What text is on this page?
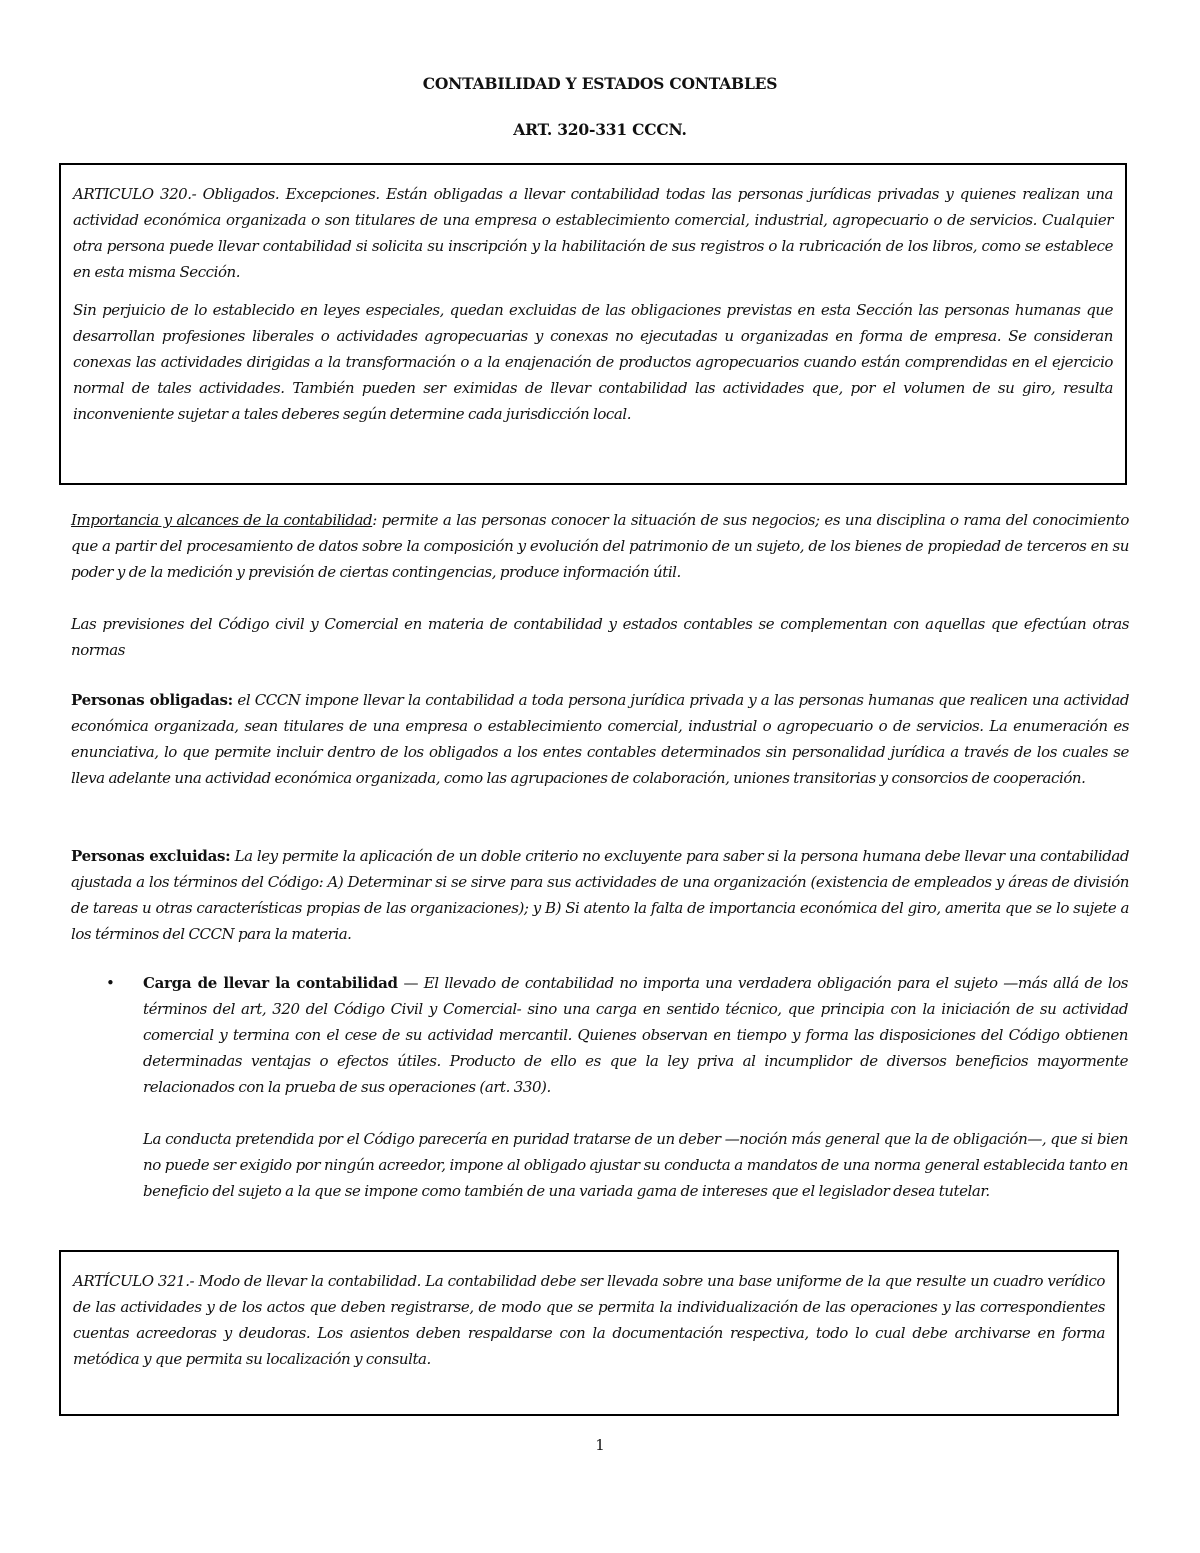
CONTABILIDAD Y ESTADOS CONTABLES
ART. 320-331 CCCN.

ARTICULO 320.- Obligados. Excepciones. Están obligadas a llevar contabilidad todas las personas jurídicas privadas y quienes realizan una actividad económica organizada o son titulares de una empresa o establecimiento comercial, industrial, agropecuario o de servicios. Cualquier otra persona puede llevar contabilidad si solicita su inscripción y la habilitación de sus registros o la rubricación de los libros, como se establece en esta misma Sección.

Sin perjuicio de lo establecido en leyes especiales, quedan excluidas de las obligaciones previstas en esta Sección las personas humanas que desarrollan profesiones liberales o actividades agropecuarias y conexas no ejecutadas u organizadas en forma de empresa. Se consideran conexas las actividades dirigidas a la transformación o a la enajenación de productos agropecuarios cuando están comprendidas en el ejercicio normal de tales actividades. También pueden ser eximidas de llevar contabilidad las actividades que, por el volumen de su giro, resulta inconveniente sujetar a tales deberes según determine cada jurisdicción local.

Importancia y alcances de la contabilidad: permite a las personas conocer la situación de sus negocios; es una disciplina o rama del conocimiento que a partir del procesamiento de datos sobre la composición y evolución del patrimonio de un sujeto, de los bienes de propiedad de terceros en su poder y de la medición y previsión de ciertas contingencias, produce información útil.

Las previsiones del Código civil y Comercial en materia de contabilidad y estados contables se complementan con aquellas que efectúan otras normas

Personas obligadas: el CCCN impone llevar la contabilidad a toda persona jurídica privada y a las personas humanas que realicen una actividad económica organizada, sean titulares de una empresa o establecimiento comercial, industrial o agropecuario o de servicios. La enumeración es enunciativa, lo que permite incluir dentro de los obligados a los entes contables determinados sin personalidad jurídica a través de los cuales se lleva adelante una actividad económica organizada, como las agrupaciones de colaboración, uniones transitorias y consorcios de cooperación.

Personas excluidas: La ley permite la aplicación de un doble criterio no excluyente para saber si la persona humana debe llevar una contabilidad ajustada a los términos del Código: A) Determinar si se sirve para sus actividades de una organización (existencia de empleados y áreas de división de tareas u otras características propias de las organizaciones); y B) Si atento la falta de importancia económica del giro, amerita que se lo sujete a los términos del CCCN para la materia.

• Carga de llevar la contabilidad — El llevado de contabilidad no importa una verdadera obligación para el sujeto —más allá de los términos del art, 320 del Código Civil y Comercial- sino una carga en sentido técnico, que principia con la iniciación de su actividad comercial y termina con el cese de su actividad mercantil. Quienes observan en tiempo y forma las disposiciones del Código obtienen determinadas ventajas o efectos útiles. Producto de ello es que la ley priva al incumplidor de diversos beneficios mayormente relacionados con la prueba de sus operaciones (art. 330).

La conducta pretendida por el Código parecería en puridad tratarse de un deber —noción más general que la de obligación—, que si bien no puede ser exigido por ningún acreedor, impone al obligado ajustar su conducta a mandatos de una norma general establecida tanto en beneficio del sujeto a la que se impone como también de una variada gama de intereses que el legislador desea tutelar.

ARTÍCULO 321.- Modo de llevar la contabilidad. La contabilidad debe ser llevada sobre una base uniforme de la que resulte un cuadro verídico de las actividades y de los actos que deben registrarse, de modo que se permita la individualización de las operaciones y las correspondientes cuentas acreedoras y deudoras. Los asientos deben respaldarse con la documentación respectiva, todo lo cual debe archivarse en forma metódica y que permita su localización y consulta.

1
